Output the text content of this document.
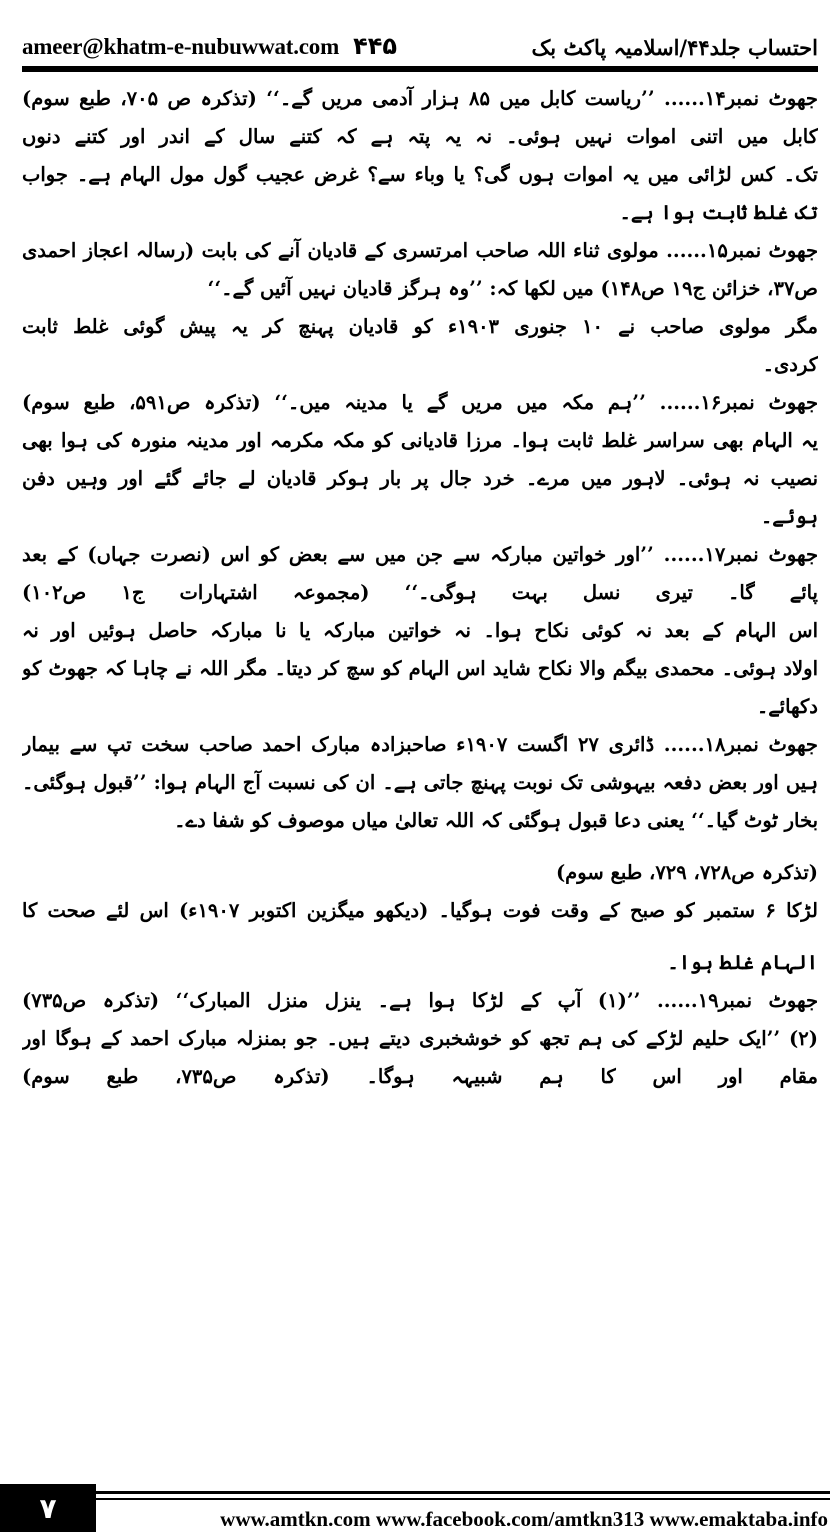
ameer@khatm-e-nubuwwat.com ۴۴۵	احتساب جلد۴۴/اسلامیہ پاکٹ بک
جھوٹ نمبر۱۴...... ’’ریاست کابل میں ۸۵ ہزار آدمی مریں گے۔‘‘ (تذکرہ ص ۷۰۵، طبع سوم)
کابل میں اتنی اموات نہیں ہوئی۔ نہ یہ پتہ ہے کہ کتنے سال کے اندر اور کتنے دنوں
تک۔ کس لڑائی میں یہ اموات ہوں گی؟ یا وباء سے؟ غرض عجیب گول مول الہام ہے۔ جواب
تک غلط ثابت ہوا ہے۔
جھوٹ نمبر۱۵...... مولوی ثناء اللہ صاحب امرتسری کے قادیان آنے کی بابت (رسالہ اعجاز احمدی
ص۳۷، خزائن ج۱۹ ص۱۴۸) میں لکھا کہ: ’’وہ ہرگز قادیان نہیں آئیں گے۔‘‘
مگر مولوی صاحب نے ۱۰ جنوری ۱۹۰۳ء کو قادیان پہنچ کر یہ پیش گوئی غلط ثابت
کردی۔
جھوٹ نمبر۱۶...... ’’ہم مکہ میں مریں گے یا مدینہ میں۔‘‘ (تذکرہ ص۵۹۱، طبع سوم)
یہ الہام بھی سراسر غلط ثابت ہوا۔ مرزا قادیانی کو مکہ مکرمہ اور مدینہ منورہ کی ہوا بھی
نصیب نہ ہوئی۔ لاہور میں مرے۔ خرد جال پر بار ہوکر قادیان لے جائے گئے اور وہیں دفن
ہوئے۔
جھوٹ نمبر۱۷...... ’’اور خواتین مبارکہ سے جن میں سے بعض کو اس (نصرت جہاں) کے بعد
پائے گا۔ تیری نسل بہت ہوگی۔‘‘ (مجموعہ اشتہارات ج۱ ص۱۰۲)
اس الہام کے بعد نہ کوئی نکاح ہوا۔ نہ خواتین مبارکہ یا نا مبارکہ حاصل ہوئیں اور نہ
اولاد ہوئی۔ محمدی بیگم والا نکاح شاید اس الہام کو سچ کر دیتا۔ مگر اللہ نے چاہا کہ جھوٹ کو
دکھائے۔
جھوٹ نمبر۱۸...... ڈائری ۲۷ اگست ۱۹۰۷ء صاحبزادہ مبارک احمد صاحب سخت تپ سے بیمار
ہیں اور بعض دفعہ بیہوشی تک نوبت پہنچ جاتی ہے۔ ان کی نسبت آج الہام ہوا: ’’قبول ہوگئی۔
بخار ٹوٹ گیا۔‘‘ یعنی دعا قبول ہوگئی کہ اللہ تعالیٰ میاں موصوف کو شفا دے۔
(تذکرہ ص۷۲۸، ۷۲۹، طبع سوم)
لڑکا ۶ ستمبر کو صبح کے وقت فوت ہوگیا۔ (دیکھو میگزین اکتوبر ۱۹۰۷ء) اس لئے صحت کا
الہام غلط ہوا۔
جھوٹ نمبر۱۹...... ’’(۱) آپ کے لڑکا ہوا ہے۔ ینزل منزل المبارک‘‘ (تذکرہ ص۷۳۵)
(۲) ’’ایک حلیم لڑکے کی ہم تجھ کو خوشخبری دیتے ہیں۔ جو بمنزلہ مبارک احمد کے ہوگا اور
مقام اور اس کا ہم شبیہہ ہوگا۔ (تذکرہ ص۷۳۵، طبع سوم)
۷	www.amtkn.com www.facebook.com/amtkn313 www.emaktaba.info
